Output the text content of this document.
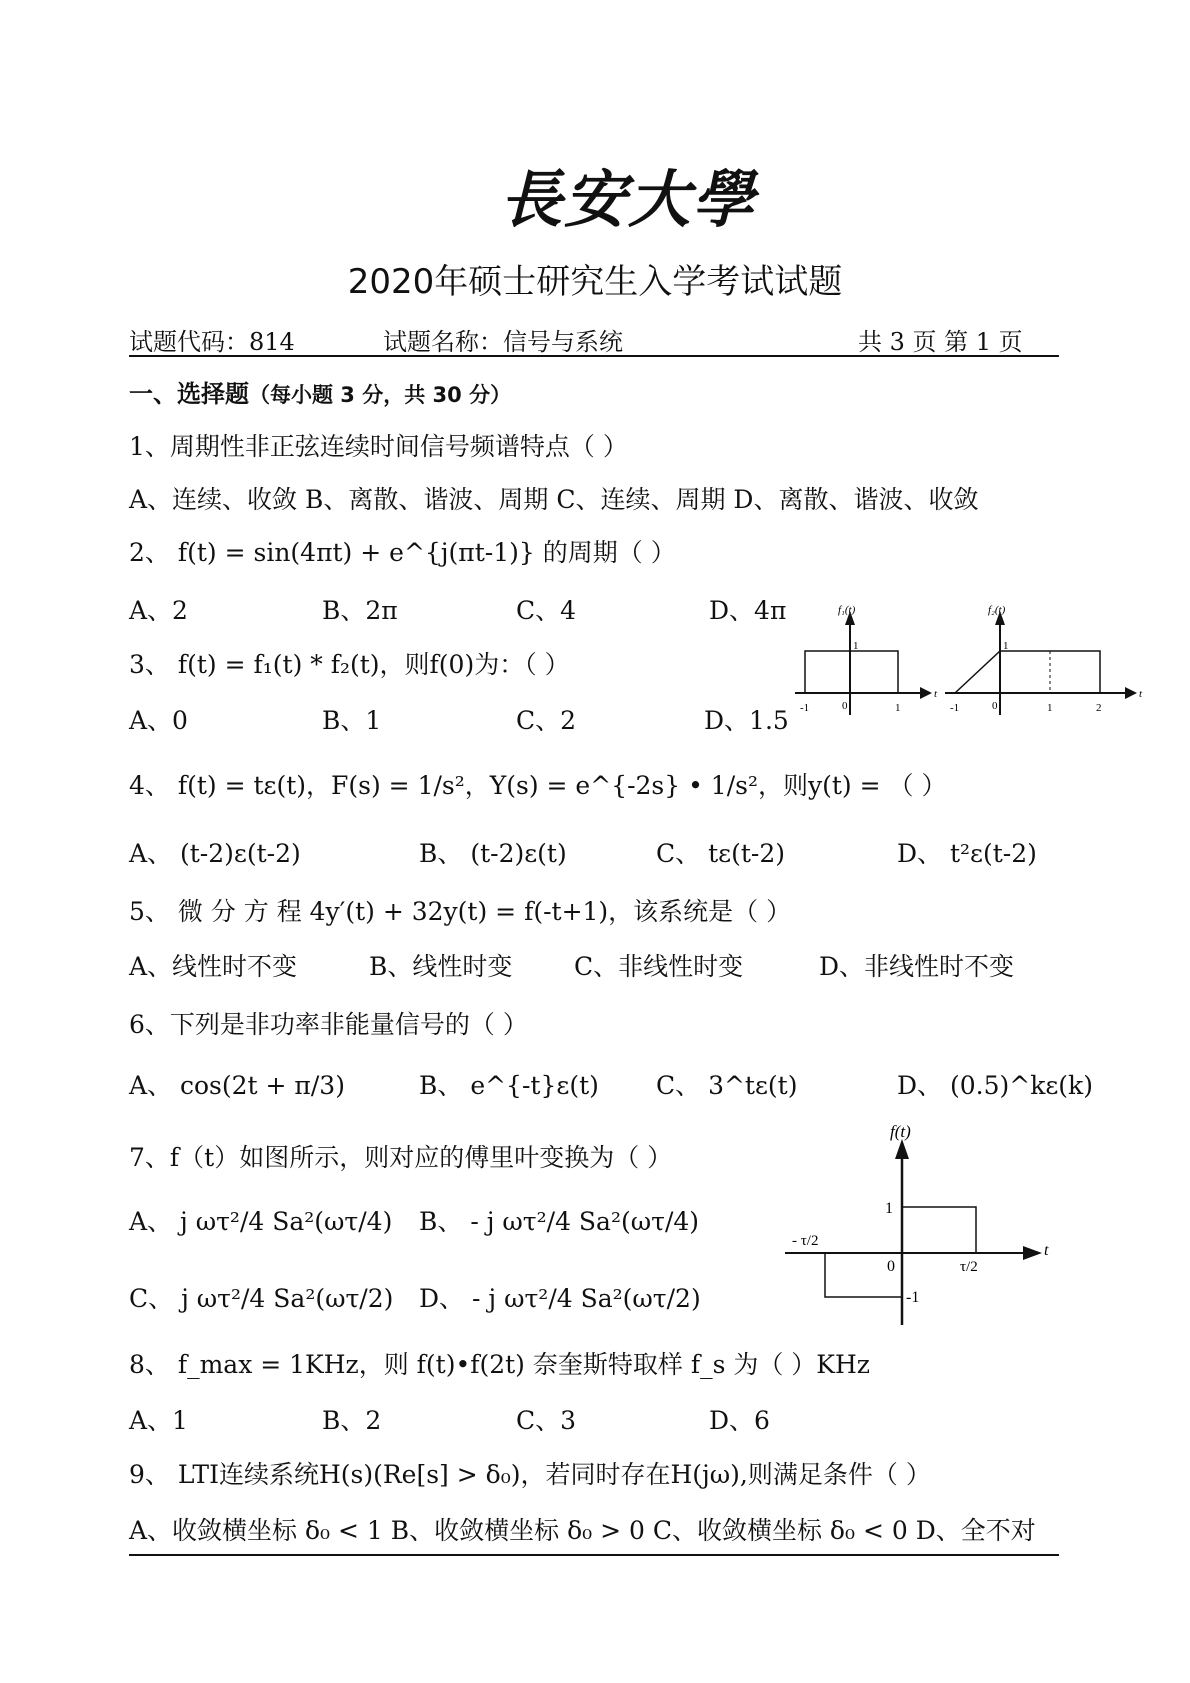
長安大學
2020年硕士研究生入学考试试题
试题代码：814	试题名称：信号与系统	共 3 页 第 1 页
一、选择题（每小题 3 分，共 30 分）
1、周期性非正弦连续时间信号频谱特点（ ）
A、连续、收敛 B、离散、谐波、周期 C、连续、周期 D、离散、谐波、收敛
2、 f(t) = sin(4πt) + e^{j(πt-1)} 的周期（ ）
A、2	B、2π	C、4	D、4π
3、 f(t) = f₁(t) * f₂(t)，则f(0)为：（ ）
A、0	B、1	C、2	D、1.5
f₁(t)
1
-1	0	1
t
f₂(t)
1
-1	0	1	2
t
4、 f(t) = tε(t)，F(s) = 1/s²，Y(s) = e^{-2s} • 1/s²，则y(t) = （ ）
A、 (t-2)ε(t-2)	B、 (t-2)ε(t)	C、 tε(t-2)	D、 t²ε(t-2)
5、 微 分 方 程 4y′(t) + 32y(t) = f(-t+1)，该系统是（ ）
A、线性时不变	B、线性时变 C、非线性时变	D、非线性时不变
6、下列是非功率非能量信号的（ ）
A、 cos(2t + π/3)	B、 e^{-t}ε(t) C、 3^tε(t)	D、 (0.5)^kε(k)
7、f（t）如图所示，则对应的傅里叶变换为（ ）
A、 j ωτ²/4 Sa²(ωτ/4) B、 - j ωτ²/4 Sa²(ωτ/4)
C、 j ωτ²/4 Sa²(ωτ/2) D、 - j ωτ²/4 Sa²(ωτ/2)
f(t)
1
-1
- τ/2
τ/2
0
t
8、 f_max = 1KHz，则 f(t)•f(2t) 奈奎斯特取样 f_s 为（ ）KHz
A、1	B、2	C、3	D、6
9、 LTI连续系统H(s)(Re[s] > δ₀)，若同时存在H(jω),则满足条件（ ）
A、收敛横坐标 δ₀ < 1 B、收敛横坐标 δ₀ > 0 C、收敛横坐标 δ₀ < 0 D、全不对
